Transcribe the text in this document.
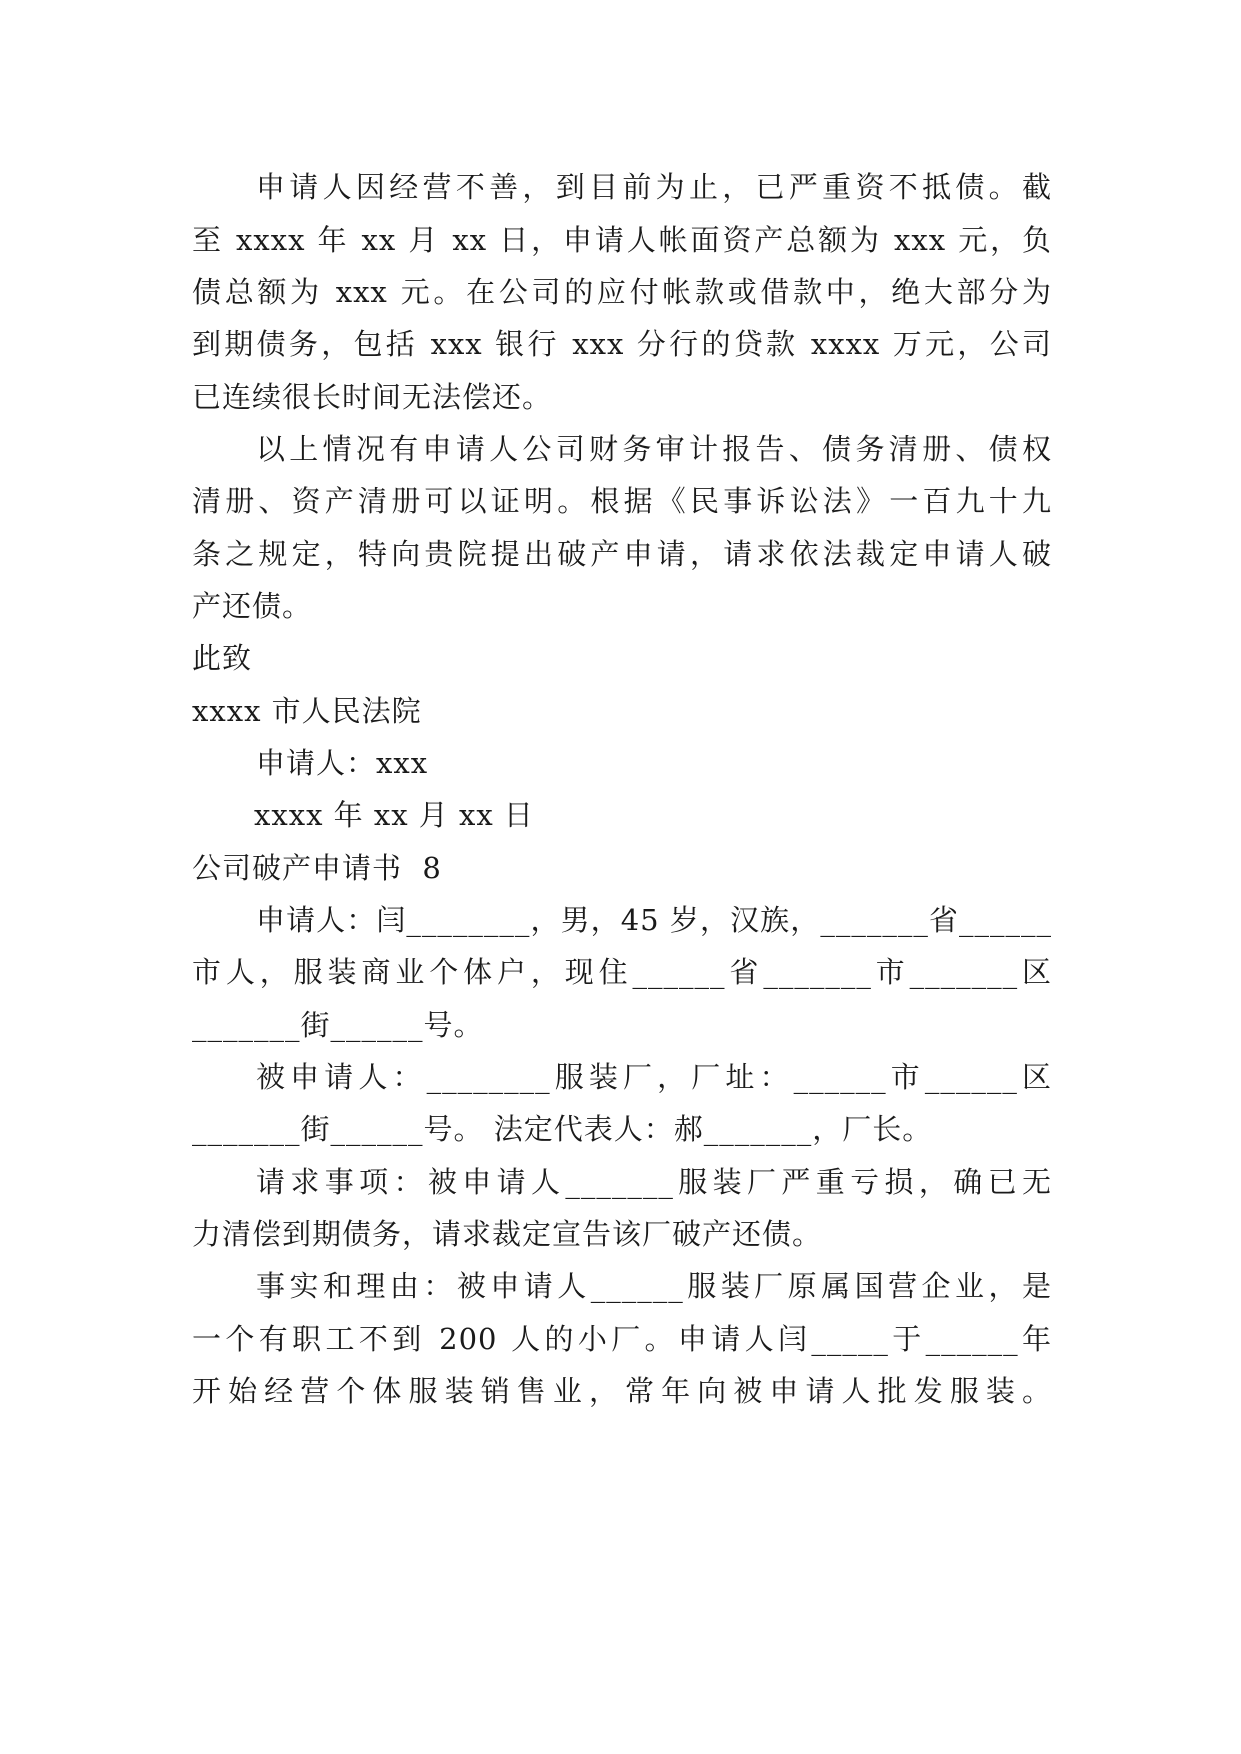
申请人因经营不善，到目前为止，已严重资不抵债。截
至 xxxx 年 xx 月 xx 日，申请人帐面资产总额为 xxx 元，负
债总额为 xxx 元。在公司的应付帐款或借款中，绝大部分为
到期债务，包括 xxx 银行 xxx 分行的贷款 xxxx 万元，公司
已连续很长时间无法偿还。
以上情况有申请人公司财务审计报告、债务清册、债权
清册、资产清册可以证明。根据《民事诉讼法》一百九十九
条之规定，特向贵院提出破产申请，请求依法裁定申请人破
产还债。
此致
xxxx 市人民法院
申请人：xxx
xxxx 年 xx 月 xx 日
公司破产申请书  8
申请人：闫________，男，45 岁，汉族，_______省______
市人，服装商业个体户，现住______省_______市_______区
_______街______号。
被申请人：________服装厂，厂址：______市______区
_______街______号。 法定代表人：郝_______，厂长。
请求事项：被申请人_______服装厂严重亏损，确已无
力清偿到期债务，请求裁定宣告该厂破产还债。
事实和理由：被申请人______服装厂原属国营企业，是
一个有职工不到 200 人的小厂。申请人闫_____于______年
开始经营个体服装销售业，常年向被申请人批发服装。
